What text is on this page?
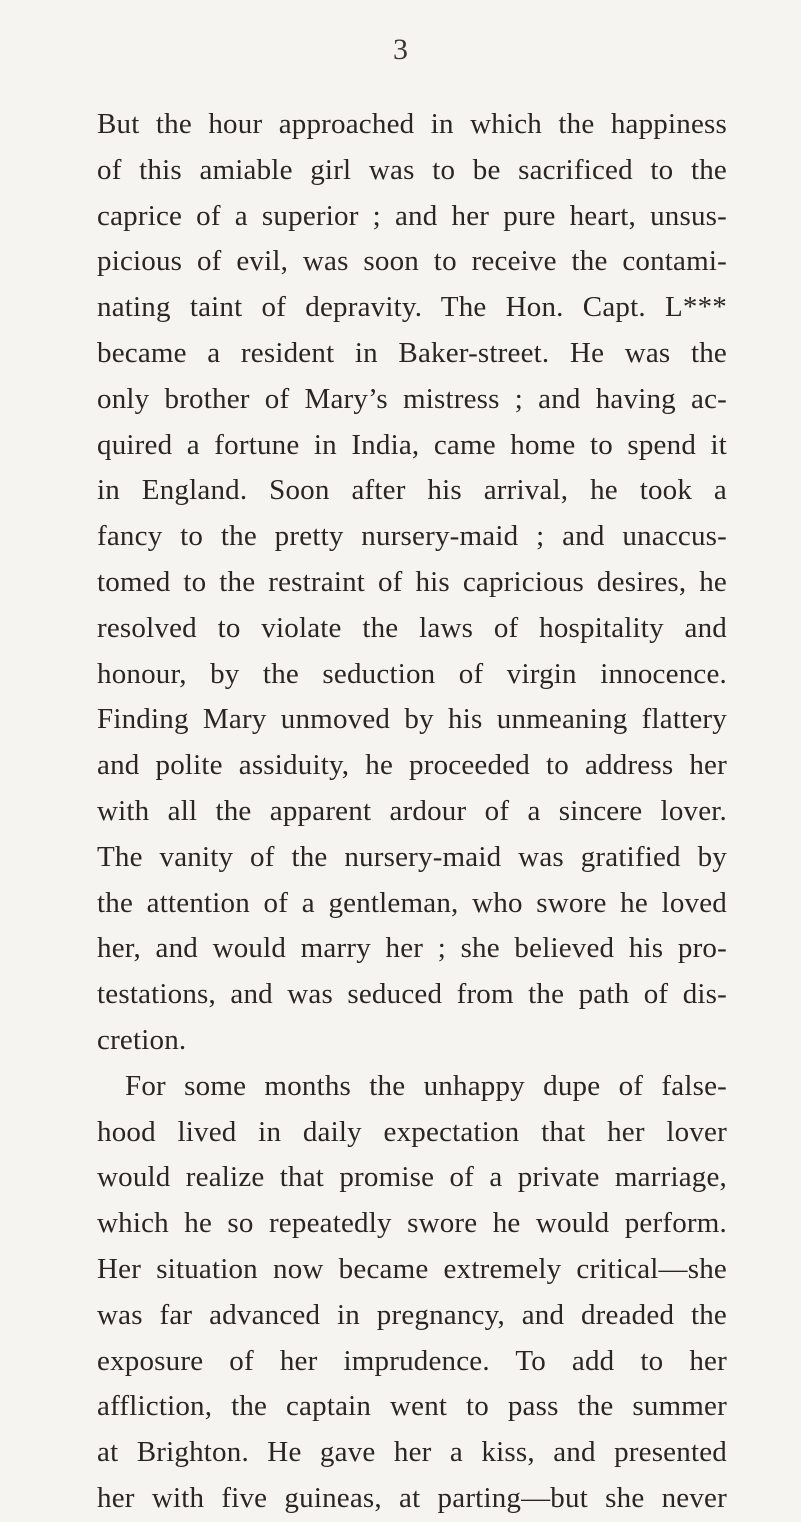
3
But the hour approached in which the happiness
of this amiable girl was to be sacrificed to the
caprice of a superior ; and her pure heart, unsus-
picious of evil, was soon to receive the contami-
nating taint of depravity. The Hon. Capt. L***
became a resident in Baker-street. He was the
only brother of Mary’s mistress ; and having ac-
quired a fortune in India, came home to spend it
in England. Soon after his arrival, he took a
fancy to the pretty nursery-maid ; and unaccus-
tomed to the restraint of his capricious desires, he
resolved to violate the laws of hospitality and
honour, by the seduction of virgin innocence.
Finding Mary unmoved by his unmeaning flattery
and polite assiduity, he proceeded to address her
with all the apparent ardour of a sincere lover.
The vanity of the nursery-maid was gratified by
the attention of a gentleman, who swore he loved
her, and would marry her ; she believed his pro-
testations, and was seduced from the path of dis-
cretion.
For some months the unhappy dupe of false-
hood lived in daily expectation that her lover
would realize that promise of a private marriage,
which he so repeatedly swore he would perform.
Her situation now became extremely critical—she
was far advanced in pregnancy, and dreaded the
exposure of her imprudence. To add to her
affliction, the captain went to pass the summer
at Brighton. He gave her a kiss, and presented
her with five guineas, at parting—but she never
